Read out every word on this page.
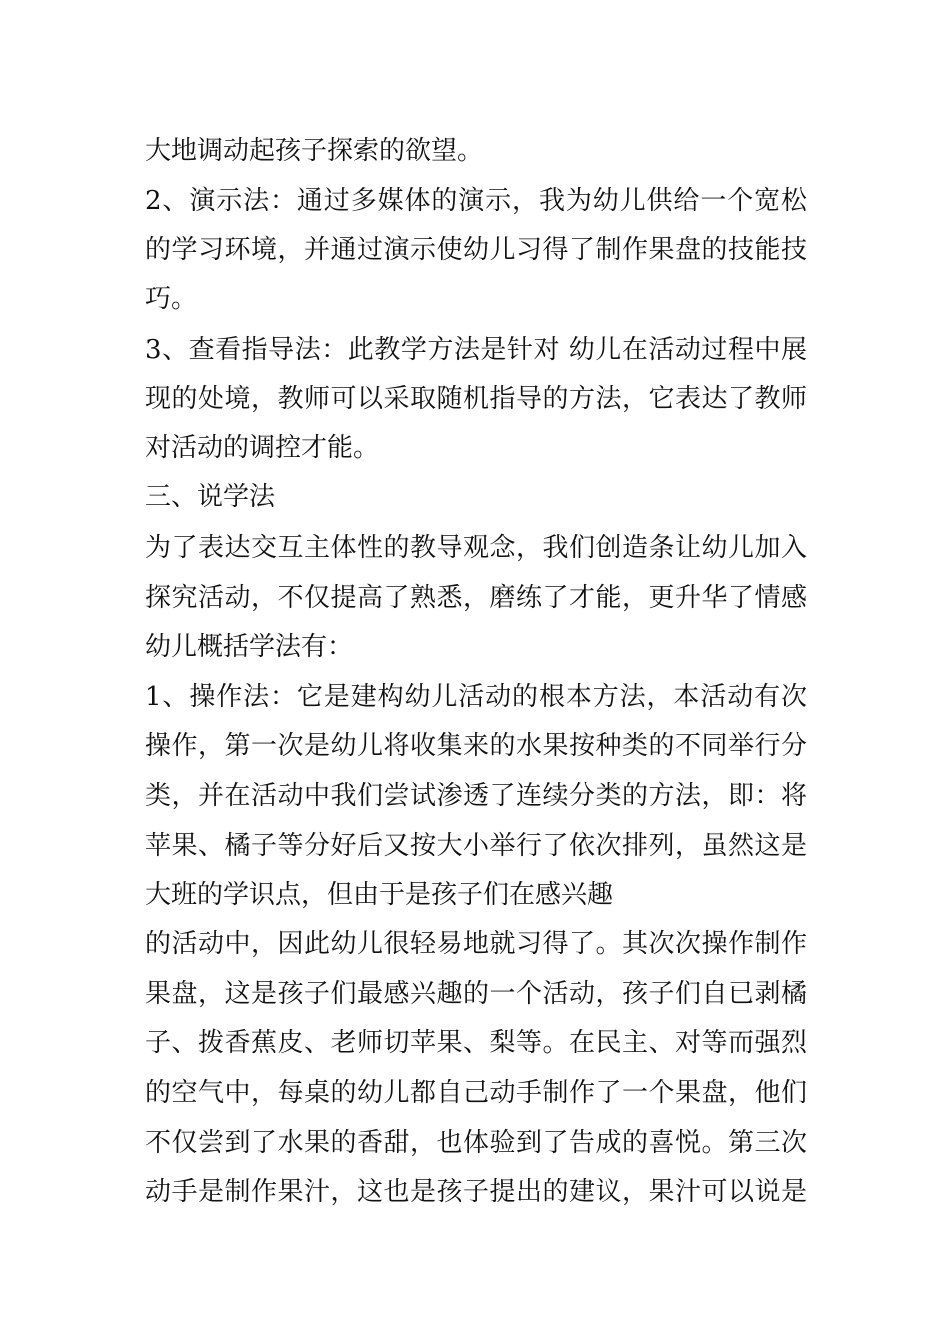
大地调动起孩子探索的欲望。
2、演示法：通过多媒体的演示，我为幼儿供给一个宽松
的学习环境，并通过演示使幼儿习得了制作果盘的技能技
巧。
3、查看指导法：此教学方法是针对 幼儿在活动过程中展
现的处境，教师可以采取随机指导的方法，它表达了教师
对活动的调控才能。
三、说学法
为了表达交互主体性的教导观念，我们创造条让幼儿加入
探究活动，不仅提高了熟悉，磨练了才能，更升华了情感
幼儿概括学法有：
1、操作法：它是建构幼儿活动的根本方法，本活动有次
操作，第一次是幼儿将收集来的水果按种类的不同举行分
类，并在活动中我们尝试渗透了连续分类的方法，即：将
苹果、橘子等分好后又按大小举行了依次排列，虽然这是
大班的学识点，但由于是孩子们在感兴趣
的活动中，因此幼儿很轻易地就习得了。其次次操作制作
果盘，这是孩子们最感兴趣的一个活动，孩子们自已剥橘
子、拨香蕉皮、老师切苹果、梨等。在民主、对等而强烈
的空气中，每桌的幼儿都自己动手制作了一个果盘，他们
不仅尝到了水果的香甜，也体验到了告成的喜悦。第三次
动手是制作果汁，这也是孩子提出的建议，果汁可以说是
